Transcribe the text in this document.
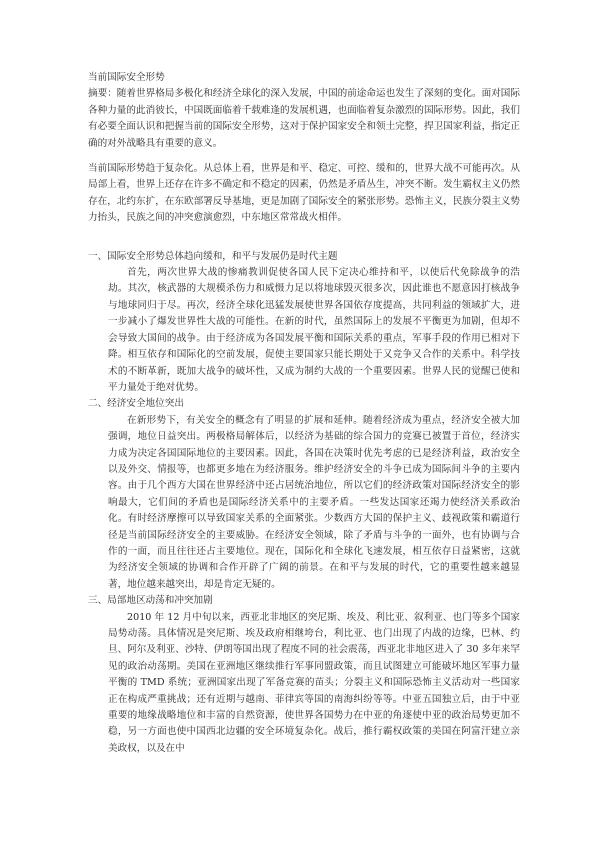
当前国际安全形势

摘要：随着世界格局多极化和经济全球化的深入发展，中国的前途命运也发生了深刻的变化。面对国际各种力量的此消彼长，中国既面临着千载难逢的发展机遇，也面临着复杂激烈的国际形势。因此，我们有必要全面认识和把握当前的国际安全形势，这对于保护国家安全和领土完整，捍卫国家利益，指定正确的对外战略具有重要的意义。

当前国际形势趋于复杂化。从总体上看，世界是和平、稳定、可控、缓和的，世界大战不可能再次。从局部上看，世界上还存在许多不确定和不稳定的因素，仍然是矛盾丛生，冲突不断。发生霸权主义仍然存在，北约东扩，在东欧部署反导基地，更是加剧了国际安全的紧张形势。恐怖主义，民族分裂主义势力抬头，民族之间的冲突愈演愈烈，中东地区常常战火相伴。

一、国际安全形势总体趋向缓和，和平与发展仍是时代主题

首先，两次世界大战的惨痛教训促使各国人民下定决心维持和平，以使后代免除战争的浩劫。其次，核武器的大规模杀伤力和威慑力足以将地球毁灭很多次，因此谁也不愿意因打核战争与地球同归于尽。再次，经济全球化迅猛发展使世界各国依存度提高，共同利益的领域扩大，进一步减小了爆发世界性大战的可能性。在新的时代，虽然国际上的发展不平衡更为加剧，但却不会导致大国间的战争。由于经济成为各国发展平衡和国际关系的重点，军事手段的作用已相对下降。相互依存和国际化的空前发展，促使主要国家只能长期处于又竞争又合作的关系中。科学技术的不断革新，既加大战争的破坏性，又成为制约大战的一个重要因素。世界人民的觉醒已使和平力量处于绝对优势。

二、经济安全地位突出

在新形势下，有关安全的概念有了明显的扩展和延伸。随着经济成为重点，经济安全被大加强调，地位日益突出。两极格局解体后，以经济为基础的综合国力的竞赛已被置于首位，经济实力成为决定各国国际地位的主要因素。因此，各国在决策时优先考虑的已是经济利益，政治安全以及外交、情报等，也都更多地在为经济服务。维护经济安全的斗争已成为国际间斗争的主要内容。由于几个西方大国在世界经济中还占居统治地位，所以它们的经济政策对国际经济安全的影响最大，它们间的矛盾也是国际经济关系中的主要矛盾。一些发达国家还竭力使经济关系政治化。有时经济摩擦可以导致国家关系的全面紧张。少数西方大国的保护主义、歧视政策和霸道行径是当前国际经济安全的主要威胁。在经济安全领域，除了矛盾与斗争的一面外，也有协调与合作的一面，而且往往还占主要地位。现在，国际化和全球化飞速发展，相互依存日益紧密，这就为经济安全领域的协调和合作开辟了广阔的前景。在和平与发展的时代，它的重要性越来越显著，地位越来越突出，却是肯定无疑的。

三、局部地区动荡和冲突加剧

2010 年 12 月中旬以来，西亚北非地区的突尼斯、埃及、利比亚、叙利亚、也门等多个国家局势动荡。具体情况是突尼斯、埃及政府相继垮台，利比亚、也门出现了内战的边缘，巴林、约旦、阿尔及利亚、沙特、伊朗等国出现了程度不同的社会震荡，西亚北非地区进入了 30 多年来罕见的政治动荡期。美国在亚洲地区继续推行军事同盟政策，而且试图建立可能破坏地区军事力量平衡的 TMD 系统；亚洲国家出现了军备竞赛的苗头；分裂主义和国际恐怖主义活动对一些国家正在构成严重挑战；还有近期与越南、菲律宾等国的南海纠纷等等。中亚五国独立后，由于中亚重要的地缘战略地位和丰富的自然资源，使世界各国势力在中亚的角逐使中亚的政治局势更加不稳，另一方面也使中国西北边疆的安全环境复杂化。战后，推行霸权政策的美国在阿富汗建立亲美政权，以及在中
